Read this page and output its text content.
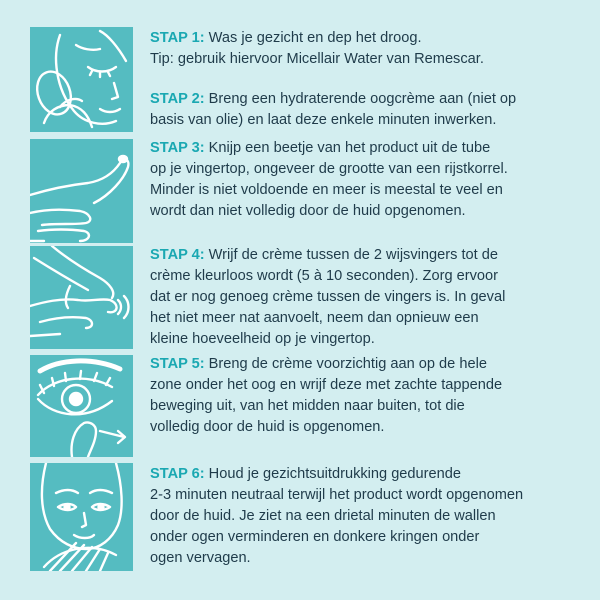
STAP 1: Was je gezicht en dep het droog.
Tip: gebruik hiervoor Micellair Water van Remescar.

STAP 2: Breng een hydraterende oogcrème aan (niet op
basis van olie) en laat deze enkele minuten inwerken.

STAP 3: Knijp een beetje van het product uit de tube
op je vingertop, ongeveer de grootte van een rijstkorrel.
Minder is niet voldoende en meer is meestal te veel en
wordt dan niet volledig door de huid opgenomen.

STAP 4: Wrijf de crème tussen de 2 wijsvingers tot de
crème kleurloos wordt (5 à 10 seconden). Zorg ervoor
dat er nog genoeg crème tussen de vingers is. In geval
het niet meer nat aanvoelt, neem dan opnieuw een
kleine hoeveelheid op je vingertop.

STAP 5: Breng de crème voorzichtig aan op de hele
zone onder het oog en wrijf deze met zachte tappende
beweging uit, van het midden naar buiten, tot die
volledig door de huid is opgenomen.

STAP 6: Houd je gezichtsuitdrukking gedurende
2-3 minuten neutraal terwijl het product wordt opgenomen
door de huid. Je ziet na een drietal minuten de wallen
onder ogen verminderen en donkere kringen onder
ogen vervagen.
